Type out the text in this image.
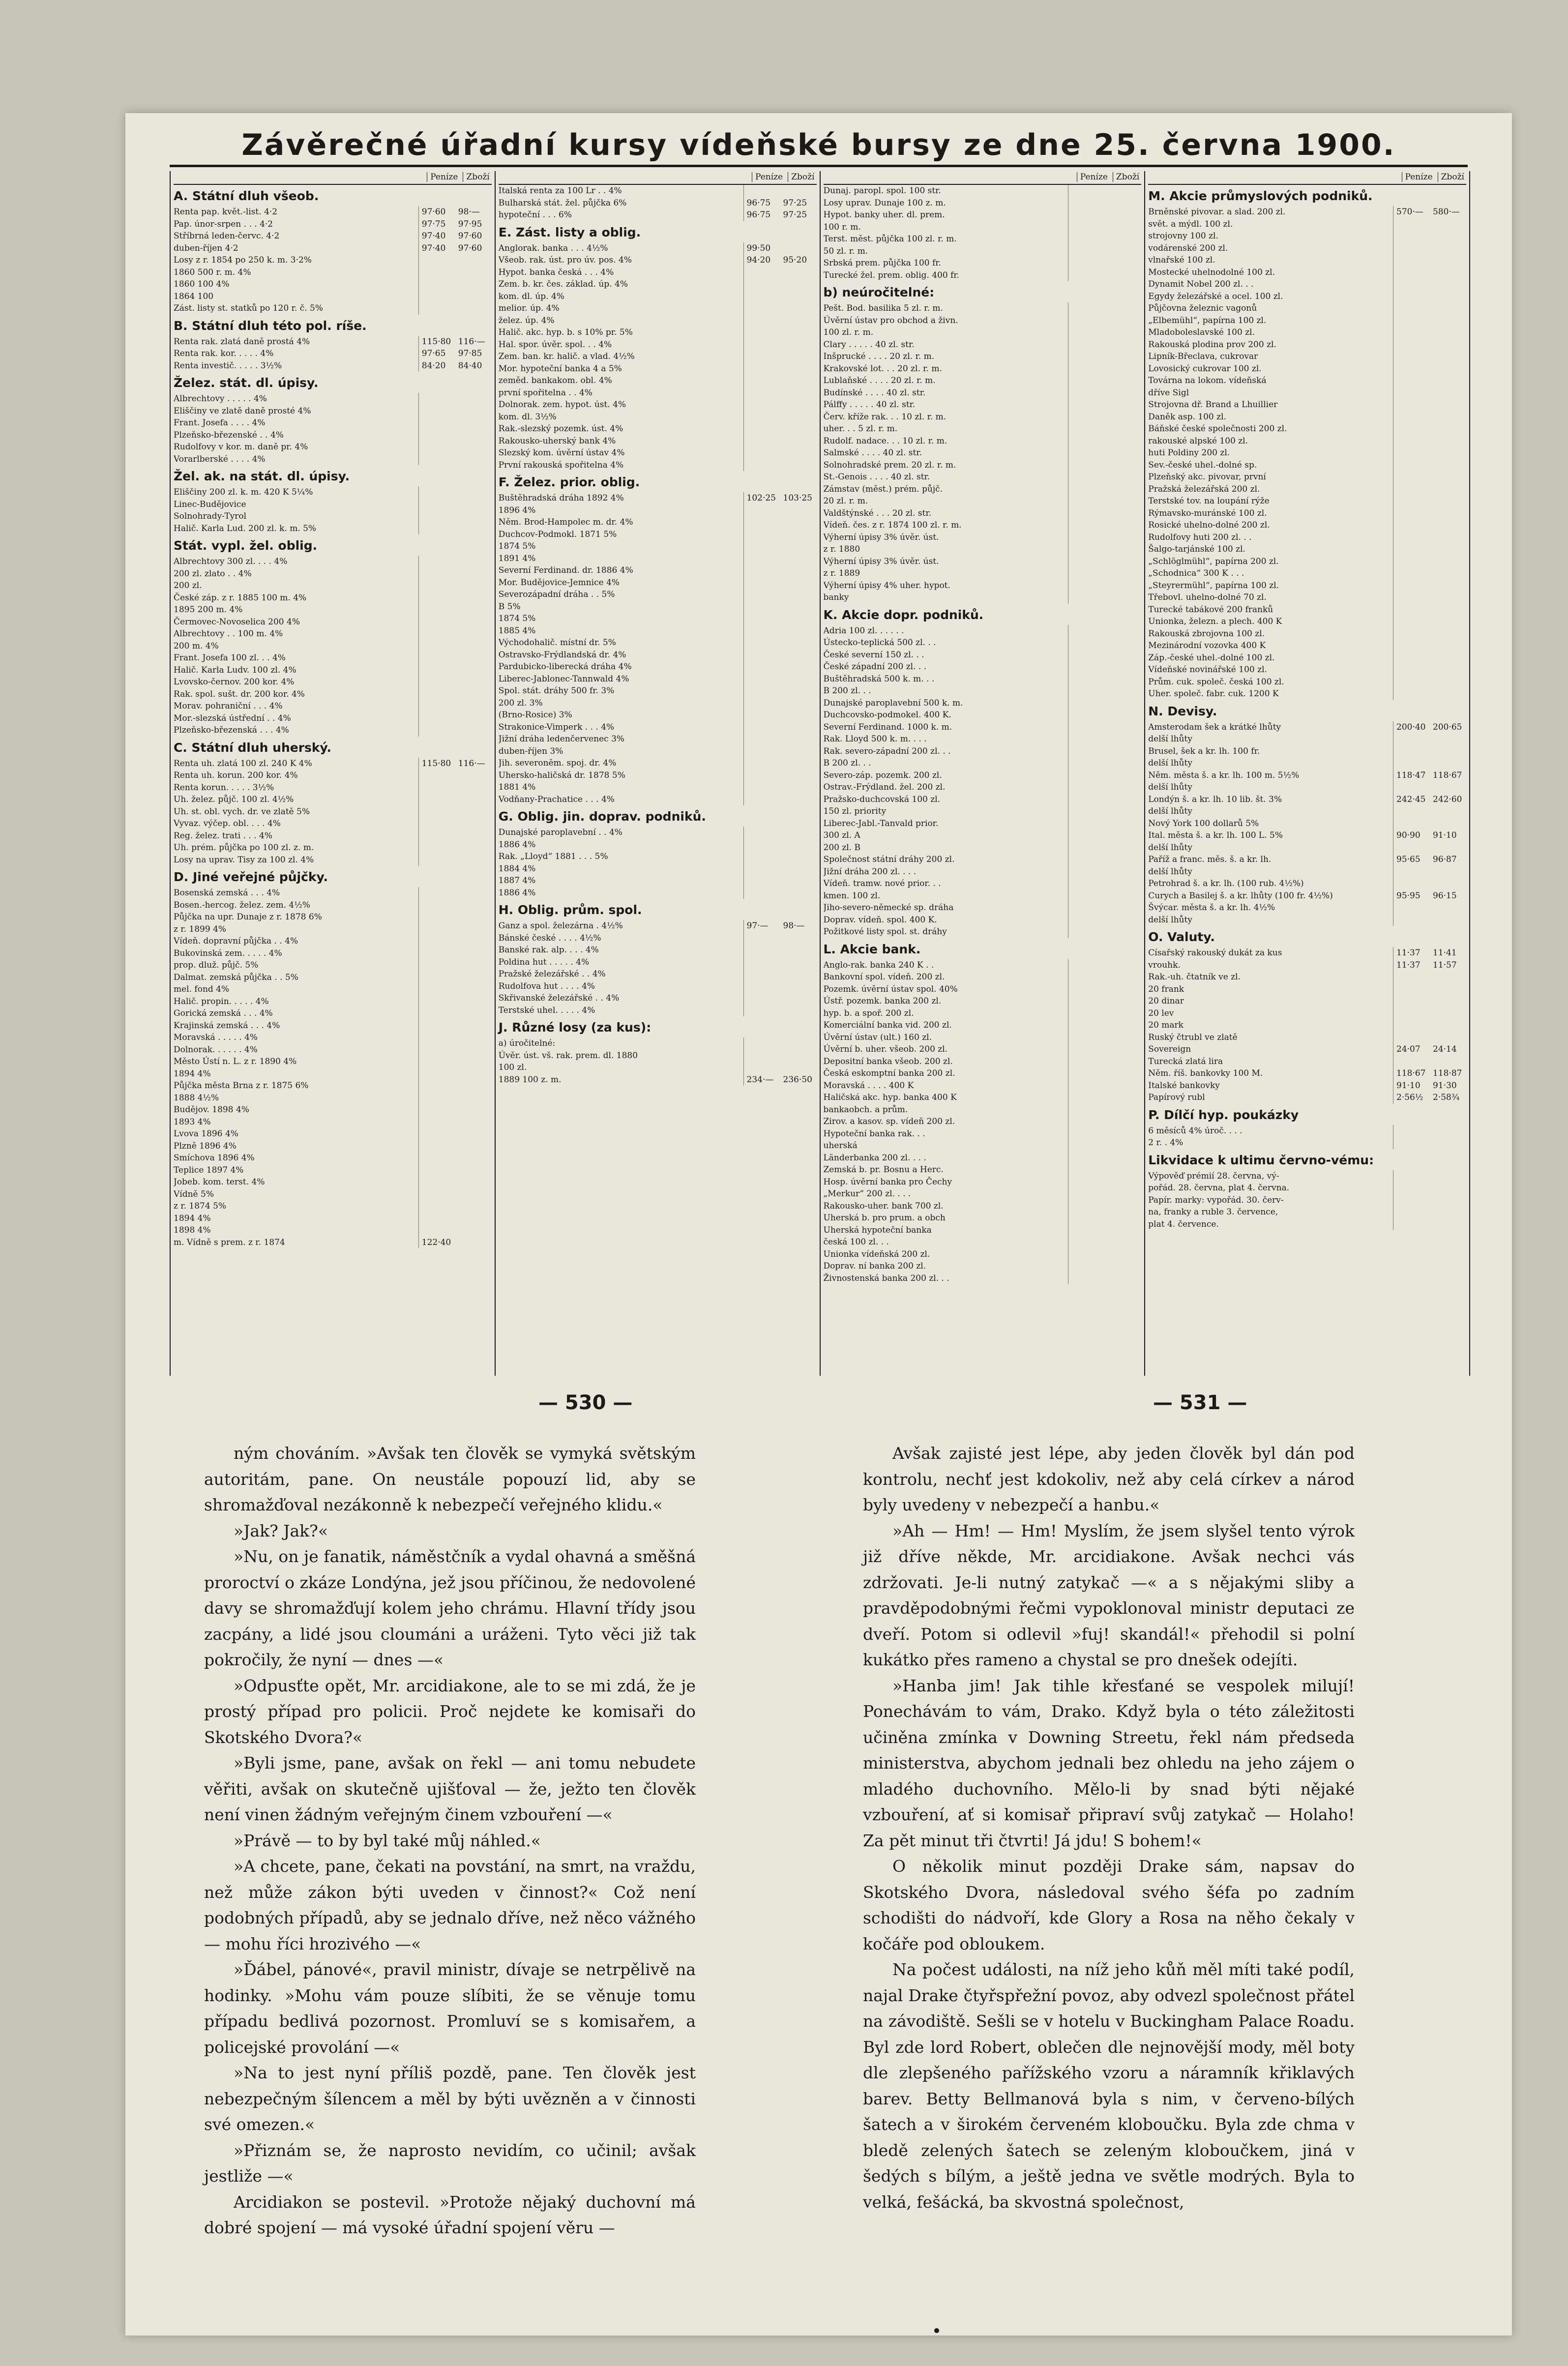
Závěrečné úřadní kursy vídeňské bursy ze dne 25. června 1900.
Peníze	Zboží
A. Státní dluh všeob.
Renta pap. květ.-list. 4·2	97·60	98·—
Pap. únor-srpen . . . 4·2	97·75	97·95
Stříbrná leden-červc. 4·2	97·40	97·60
duben-říjen 4·2	97·40	97·60
Losy z r. 1854 po 250 k. m. 3·2%
1860 500 r. m. 4%
1860 100 4%
1864 100
Zást. listy st. statků po 120 r. č. 5%
B. Státní dluh této pol. ríše.
Renta rak. zlatá daně prostá 4%	115·80 116·—
Renta rak. kor. . . . . 4%	97·65	97·85
Renta investič. . . . . 3½%	84·20	84·40
Želez. stát. dl. úpisy.
Albrechtovy . . . . . 4%
Eliščiny ve zlatě daně prosté 4%
Frant. Josefa . . . . 4%
Plzeňsko-březenské . . 4%
Rudolfovy v kor. m. daně pr. 4%
Vorarlberské . . . . 4%
Žel. ak. na stát. dl. úpisy.
Eliščiny 200 zl. k. m. 420 K 5¼%
Linec-Budějovice
Solnohrady-Tyrol
Halič. Karla Lud. 200 zl. k. m. 5%
Stát. vypl. žel. oblig.
Albrechtovy 300 zl. . . . 4%
200 zl. zlato . . 4%
200 zl.
České záp. z r. 1885 100 m. 4%
1895 200 m. 4%
Čermovec-Novoselica 200 4%
Albrechtovy . . 100 m. 4%
200 m. 4%
Frant. Josefa 100 zl. . . 4%
Halič. Karla Ludv. 100 zl. 4%
Lvovsko-černov. 200 kor. 4%
Rak. spol. sušt. dr. 200 kor. 4%
Morav. pohraniční . . . 4%
Mor.-slezská ústřední . . 4%
Plzeňsko-březenská . . . 4%
C. Státní dluh uherský.
Renta uh. zlatá 100 zl. 240 K 4%	115·80 116·—
Renta uh. korun. 200 kor. 4%
Renta korun. . . . . 3½%
Uh. želez. půjč. 100 zl. 4½%
Uh. st. obl. vych. dr. ve zlatě 5%
Vyvaz. výčep. obl. . . . 4%
Reg. želez. trati . . . 4%
Uh. prém. půjčka po 100 zl. z. m.
Losy na uprav. Tisy za 100 zl. 4%
D. Jiné veřejné půjčky.
Bosenská zemská . . . 4%
Bosen.-hercog. želez. zem. 4½%
Půjčka na upr. Dunaje z r. 1878 6%
z r. 1899 4%
Vídeň. dopravní půjčka . . 4%
Bukovinská zem. . . . . 4%
prop. dluž. půjč. 5%
Dalmat. zemská půjčka . . 5%
mel. fond 4%
Halič. propin. . . . . 4%
Gorická zemská . . . 4%
Krajinská zemská . . . 4%
Moravská . . . . . 4%
Dolnorak. . . . . . 4%
Město Ústí n. L. z r. 1890 4%
1894 4%
Půjčka města Brna z r. 1875 6%
1888 4½%
Budějov. 1898 4%
1893 4%
Lvova 1896 4%
Plzně 1896 4%
Smíchova 1896 4%
Teplice 1897 4%
Jobeb. kom. terst. 4%
Vídně 5%
z r. 1874 5%
1894 4%
1898 4%
m. Vídně s prem. z r. 1874	122·40
Peníze	Zboží
Italská renta za 100 Lr . . 4%
Bulharská stát. žel. půjčka 6%	96·75	97·25
hypoteční . . . 6%	96·75	97·25
E. Zást. listy a oblig.
Anglorak. banka . . . 4½%	99·50
Všeob. rak. úst. pro úv. pos. 4%	94·20	95·20
Hypot. banka česká . . . 4%
Zem. b. kr. čes. základ. úp. 4%
kom. dl. úp. 4%
melior. úp. 4%
želez. úp. 4%
Halič. akc. hyp. b. s 10% pr. 5%
Hal. spor. úvěr. spol. . . 4%
Zem. ban. kr. halič. a vlad. 4½%
Mor. hypoteční banka 4 a 5%
zeměd. bankakom. obl. 4%
první spořitelna . . 4%
Dolnorak. zem. hypot. úst. 4%
kom. dl. 3½%
Rak.-slezský pozemk. úst. 4%
Rakousko-uherský bank 4%
Slezský kom. úvěrní ústav 4%
První rakouská spořitelna 4%
F. Želez. prior. oblig.
Buštěhradská dráha 1892 4%	102·25 103·25
1896 4%
Něm. Brod-Hampolec m. dr. 4%
Duchcov-Podmokl. 1871 5%
1874 5%
1891 4%
Severní Ferdinand. dr. 1886 4%
Mor. Budějovice-Jemnice 4%
Severozápadní dráha . . 5%
B 5%
1874 5%
1885 4%
Východohalič. místní dr. 5%
Ostravsko-Frýdlandská dr. 4%
Pardubicko-liberecká dráha 4%
Liberec-Jablonec-Tannwald 4%
Spol. stát. dráhy 500 fr. 3%
200 zl. 3%
(Brno-Rosice) 3%
Strakonice-Vimperk . . . 4%
Jižní dráha ledenčervenec 3%
duben-říjen 3%
Jih. severoněm. spoj. dr. 4%
Uhersko-haličská dr. 1878 5%
1881 4%
Vodňany-Prachatice . . . 4%
G. Oblig. jin. doprav. podniků.
Dunajské paroplavební . . 4%
1886 4%
Rak. „Lloyd“ 1881 . . . 5%
1884 4%
1887 4%
1886 4%
H. Oblig. prům. spol.
Ganz a spol. železárna . 4½%	97·—	98·—
Bánské české . . . . 4½%
Banské rak. alp. . . . 4%
Poldina hut . . . . . 4%
Pražské železářské . . 4%
Rudolfova hut . . . . 4%
Skřivanské železářské . . 4%
Terstské uhel. . . . . 4%
J. Různé losy (za kus):
a) úročitelné:
Úvěr. úst. vš. rak. prem. dl. 1880
100 zl.
1889 100 z. m.	234·—	236·50
Peníze	Zboží
Dunaj. paropl. spol. 100 str.
Losy uprav. Dunaje 100 z. m.
Hypot. banky uher. dl. prem.
100 r. m.
Terst. měst. půjčka 100 zl. r. m.
50 zl. r. m.
Srbská prem. půjčka 100 fr.
Turecké žel. prem. oblig. 400 fr.
b) neúročitelné:
Pešt. Bod. basilika 5 zl. r. m.
Úvěrní ústav pro obchod a živn.
100 zl. r. m.
Clary . . . . . 40 zl. str.
Inšprucké . . . . 20 zl. r. m.
Krakovské lot. . . 20 zl. r. m.
Lublaňské . . . . 20 zl. r. m.
Budínské . . . . 40 zl. str.
Pálffy . . . . . 40 zl. str.
Červ. kříže rak. . . 10 zl. r. m.
uher. . . 5 zl. r. m.
Rudolf. nadace. . . 10 zl. r. m.
Salmské . . . . 40 zl. str.
Solnohradské prem. 20 zl. r. m.
St.-Genois . . . . 40 zl. str.
Zámstav (měst.) prém. půjč.
20 zl. r. m.
Valdštýnské . . . 20 zl. str.
Vídeň. čes. z r. 1874 100 zl. r. m.
Výherní úpisy 3% úvěr. úst.
z r. 1880
Výherní úpisy 3% úvěr. úst.
z r. 1889
Výherní úpisy 4% uher. hypot.
banky
K. Akcie dopr. podniků.
Adria 100 zl. . . . . .
Ústecko-teplická 500 zl. . .
České severní 150 zl. . .
České západní 200 zl. . .
Buštěhradská 500 k. m. . .
B 200 zl. . .
Dunajské paroplavební 500 k. m.
Duchcovsko-podmokel. 400 K.
Severní Ferdinand. 1000 k. m.
Rak. Lloyd 500 k. m. . . .
Rak. severo-západní 200 zl. . .
B 200 zl. . .
Severo-záp. pozemk. 200 zl.
Ostrav.-Frýdland. žel. 200 zl.
Pražsko-duchcovská 100 zl.
150 zl. priority
Liberec-Jabl.-Tanvald prior.
300 zl. A
200 zl. B
Společnost státní dráhy 200 zl.
Jižní dráha 200 zl. . . .
Vídeň. tramw. nové prior. . .
kmen. 100 zl.
Jiho-severo-německé sp. dráha
Doprav. vídeň. spol. 400 K.
Požitkové listy spol. st. dráhy
L. Akcie bank.
Anglo-rak. banka 240 K . .
Bankovní spol. vídeň. 200 zl.
Pozemk. úvěrní ústav spol. 40%
Ústř. pozemk. banka 200 zl.
hyp. b. a spoř. 200 zl.
Komerciální banka vid. 200 zl.
Úvěrní ústav (ult.) 160 zl.
Úvěrní b. uher. všeob. 200 zl.
Depositní banka všeob. 200 zl.
Česká eskomptní banka 200 zl.
Moravská . . . . 400 K
Haličská akc. hyp. banka 400 K
bankaobch. a prům.
Zirov. a kasov. sp. vídeň 200 zl.
Hypoteční banka rak. . .
uherská
Länderbanka 200 zl. . . .
Zemská b. pr. Bosnu a Herc.
Hosp. úvěrní banka pro Čechy
„Merkur“ 200 zl. . . .
Rakousko-uher. bank 700 zl.
Uherská b. pro prum. a obch
Uherská hypoteční banka
česká 100 zl. . .
Unionka vídeňská 200 zl.
Doprav. ní banka 200 zl.
Živnostenská banka 200 zl. . .
Peníze	Zboží
M. Akcie průmyslových podniků.
Brněnské pivovar. a slad. 200 zl.	570·—	580·—
svět. a mýdl. 100 zl.
strojovny 100 zl.
vodárenské 200 zl.
vlnařské 100 zl.
Mostecké uhelnodolné 100 zl.
Dynamit Nobel 200 zl. . .
Egydy železářské a ocel. 100 zl.
Půjčovna železnic vagonů
„Elbemühl“, papírna 100 zl.
Mladoboleslavské 100 zl.
Rakouská plodina prov 200 zl.
Lipník-Břeclava, cukrovar
Lovosický cukrovar 100 zl.
Továrna na lokom. vídeňská
dříve Sigl
Strojovna dř. Brand a Lhuillier
Daněk asp. 100 zl.
Báňské české společnosti 200 zl.
rakouské alpské 100 zl.
huti Poldiny 200 zl.
Sev.-české uhel.-dolné sp.
Plzeňský akc. pivovar, první
Pražská železářská 200 zl.
Terstské tov. na loupání rýže
Rýmavsko-muránské 100 zl.
Rosické uhelno-dolné 200 zl.
Rudolfovy huti 200 zl. . .
Šalgo-tarjánské 100 zl.
„Schlöglmühl“, papírna 200 zl.
„Schodnica“ 300 K . . .
„Steyrermühl“, papírna 100 zl.
Třebovl. uhelno-dolné 70 zl.
Turecké tabákové 200 franků
Unionka, železn. a plech. 400 K
Rakouská zbrojovna 100 zl.
Mezinárodní vozovka 400 K
Záp.-české uhel.-dolné 100 zl.
Vídeňské novinářské 100 zl.
Prům. cuk. společ. česká 100 zl.
Uher. společ. fabr. cuk. 1200 K
N. Devisy.
Amsterodam šek a krátké lhůty	200·40 200·65
delší lhůty
Brusel, šek a kr. lh. 100 fr.
delší lhůty
Něm. města š. a kr. lh. 100 m. 5½%	118·47 118·67
delší lhůty
Londýn š. a kr. lh. 10 lib. št. 3%	242·45 242·60
delší lhůty
Nový York 100 dollarů 5%
Ital. města š. a kr. lh. 100 L. 5%	90·90	91·10
delší lhůty
Paříž a franc. měs. š. a kr. lh.	95·65	96·87
delší lhůty
Petrohrad š. a kr. lh. (100 rub. 4½%)
Curych a Basilej š. a kr. lhůty (100 fr. 4½%)	95·95	96·15
Švýcar. města š. a kr. lh. 4½%
delší lhůty
O. Valuty.
Císařský rakouský dukát za kus	11·37	11·41
vrouhk.	11·37	11·57
Rak.-uh. čtatník ve zl.
20 frank
20 dinar
20 lev
20 mark
Ruský čtrubl ve zlatě
Sovereign	24·07	24·14
Turecká zlatá lira
Něm. říš. bankovky 100 M.	118·67 118·87
Italské bankovky	91·10	91·30
Papírový rubl	2·56½	2·58¾
P. Dílčí hyp. poukázky
6 měsíců 4% úroč. . . .
2 r. . 4%
Likvidace k ultimu červno-vému:
Výpověď prémií 28. června, vý-
pořád. 28. června, plat 4. června.
Papír. marky: vypořád. 30. červ-
na, franky a ruble 3. července,
plat 4. července.
— 530 —	— 531 —

ným chováním. »Avšak ten člověk se vymyká světským autoritám, pane. On neustále popouzí lid, aby se shromažďoval nezákonně k nebezpečí veřejného klidu.«

»Jak? Jak?«

»Nu, on je fanatik, náměstčník a vydal ohavná a směšná proroctví o zkáze Londýna, jež jsou příčinou, že nedovolené davy se shromažďují kolem jeho chrámu. Hlavní třídy jsou zacpány, a lidé jsou cloumáni a uráženi. Tyto věci již tak pokročily, že nyní — dnes —«

»Odpusťte opět, Mr. arcidiakone, ale to se mi zdá, že je prostý případ pro policii. Proč nejdete ke komisaři do Skotského Dvora?«

»Byli jsme, pane, avšak on řekl — ani tomu nebudete věřiti, avšak on skutečně ujišťoval — že, ježto ten člověk není vinen žádným veřejným činem vzbouření —«

»Právě — to by byl také můj náhled.«

»A chcete, pane, čekati na povstání, na smrt, na vraždu, než může zákon býti uveden v činnost?« Což není podobných případů, aby se jednalo dříve, než něco vážného — mohu říci hrozivého —«

»Ďábel, pánové«, pravil ministr, dívaje se netrpělivě na hodinky. »Mohu vám pouze slíbiti, že se věnuje tomu případu bedlivá pozornost. Promluví se s komisařem, a policejské provolání —«

»Na to jest nyní příliš pozdě, pane. Ten člověk jest nebezpečným šílencem a měl by býti uvězněn a v činnosti své omezen.«

»Přiznám se, že naprosto nevidím, co učinil; avšak jestliže —«

Arcidiakon se postevil. »Protože nějaký duchovní má dobré spojení — má vysoké úřadní spojení věru —

Avšak zajisté jest lépe, aby jeden člověk byl dán pod kontrolu, nechť jest kdokoliv, než aby celá církev a národ byly uvedeny v nebezpečí a hanbu.«

»Ah — Hm! — Hm! Myslím, že jsem slyšel tento výrok již dříve někde, Mr. arcidiakone. Avšak nechci vás zdržovati. Je-li nutný zatykač —« a s nějakými sliby a pravděpodobnými řečmi vypoklonoval ministr deputaci ze dveří. Potom si odlevil »fuj! skandál!« přehodil si polní kukátko přes rameno a chystal se pro dnešek odejíti.

»Hanba jim! Jak tihle křesťané se vespolek milují! Ponechávám to vám, Drako. Když byla o této záležitosti učiněna zmínka v Downing Streetu, řekl nám předseda ministerstva, abychom jednali bez ohledu na jeho zájem o mladého duchovního. Mělo-li by snad býti nějaké vzbouření, ať si komisař připraví svůj zatykač — Holaho! Za pět minut tři čtvrti! Já jdu! S bohem!«

O několik minut později Drake sám, napsav do Skotského Dvora, následoval svého šéfa po zadním schodišti do nádvoří, kde Glory a Rosa na něho čekaly v kočáře pod obloukem.

Na počest události, na níž jeho kůň měl míti také podíl, najal Drake čtyřspřežní povoz, aby odvezl společnost přátel na závodiště. Sešli se v hotelu v Buckingham Palace Roadu. Byl zde lord Robert, oblečen dle nejnovější mody, měl boty dle zlepšeného pařížského vzoru a náramník křiklavých barev. Betty Bellmanová byla s nim, v červeno-bílých šatech a v širokém červeném kloboučku. Byla zde chma v bledě zelených šatech se zeleným kloboučkem, jiná v šedých s bílým, a ještě jedna ve světle modrých. Byla to velká, fešácká, ba skvostná společnost,
